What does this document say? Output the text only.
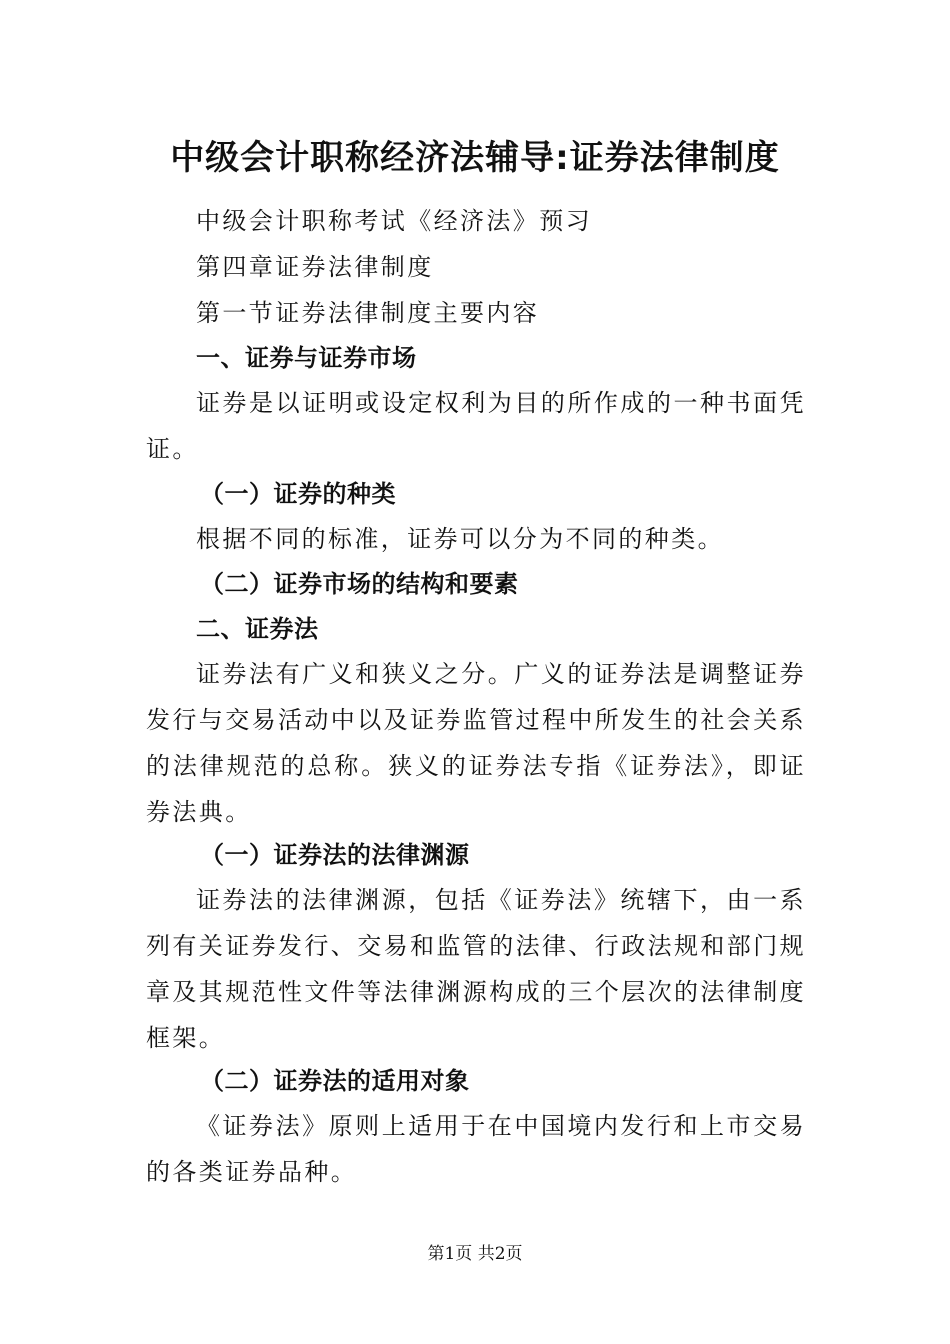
中级会计职称经济法辅导:证券法律制度

中级会计职称考试《经济法》预习

第四章证券法律制度

第一节证券法律制度主要内容

一、证券与证券市场

证券是以证明或设定权利为目的所作成的一种书面凭

证。

（一）证券的种类

根据不同的标准，证券可以分为不同的种类。

（二）证券市场的结构和要素
二、证券法

证券法有广义和狭义之分。广义的证券法是调整证券

发行与交易活动中以及证券监管过程中所发生的社会关系

的法律规范的总称。狭义的证券法专指《证券法》，即证

券法典。

（一）证券法的法律渊源

证券法的法律渊源，包括《证券法》统辖下，由一系

列有关证券发行、交易和监管的法律、行政法规和部门规

章及其规范性文件等法律渊源构成的三个层次的法律制度

框架。

（二）证券法的适用对象

《证券法》原则上适用于在中国境内发行和上市交易

的各类证券品种。

第1页 共2页
